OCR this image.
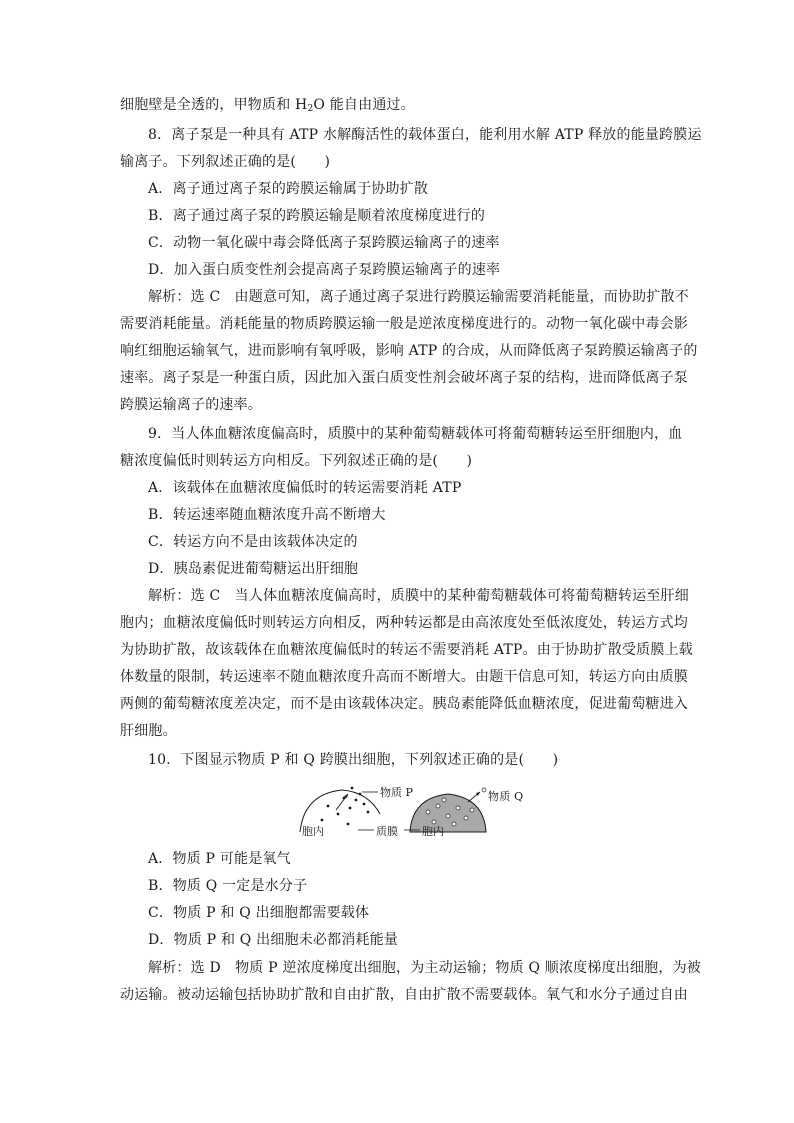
细胞壁是全透的，甲物质和 $H_2O$ 能自由通过。
8．离子泵是一种具有 ATP 水解酶活性的载体蛋白，能利用水解 ATP 释放的能量跨膜运
输离子。下列叙述正确的是(　　)
A．离子通过离子泵的跨膜运输属于协助扩散
B．离子通过离子泵的跨膜运输是顺着浓度梯度进行的
C．动物一氧化碳中毒会降低离子泵跨膜运输离子的速率
D．加入蛋白质变性剂会提高离子泵跨膜运输离子的速率
解析：选 C　由题意可知，离子通过离子泵进行跨膜运输需要消耗能量，而协助扩散不
需要消耗能量。消耗能量的物质跨膜运输一般是逆浓度梯度进行的。动物一氧化碳中毒会影
响红细胞运输氧气，进而影响有氧呼吸，影响 ATP 的合成，从而降低离子泵跨膜运输离子的
速率。离子泵是一种蛋白质，因此加入蛋白质变性剂会破坏离子泵的结构，进而降低离子泵
跨膜运输离子的速率。
9．当人体血糖浓度偏高时，质膜中的某种葡萄糖载体可将葡萄糖转运至肝细胞内，血
糖浓度偏低时则转运方向相反。下列叙述正确的是(　　)
A．该载体在血糖浓度偏低时的转运需要消耗 ATP
B．转运速率随血糖浓度升高不断增大
C．转运方向不是由该载体决定的
D．胰岛素促进葡萄糖运出肝细胞
解析：选 C　当人体血糖浓度偏高时，质膜中的某种葡萄糖载体可将葡萄糖转运至肝细
胞内；血糖浓度偏低时则转运方向相反，两种转运都是由高浓度处至低浓度处，转运方式均
为协助扩散，故该载体在血糖浓度偏低时的转运不需要消耗 ATP。由于协助扩散受质膜上载
体数量的限制，转运速率不随血糖浓度升高而不断增大。由题干信息可知，转运方向由质膜
两侧的葡萄糖浓度差决定，而不是由该载体决定。胰岛素能降低血糖浓度，促进葡萄糖进入
肝细胞。
10．下图显示物质 P 和 Q 跨膜出细胞，下列叙述正确的是(　　)
物质 P
胞内	质膜 胞内
物质 Q
A．物质 P 可能是氧气
B．物质 Q 一定是水分子
C．物质 P 和 Q 出细胞都需要载体
D．物质 P 和 Q 出细胞未必都消耗能量
解析：选 D　物质 P 逆浓度梯度出细胞，为主动运输；物质 Q 顺浓度梯度出细胞，为被
动运输。被动运输包括协助扩散和自由扩散，自由扩散不需要载体。氧气和水分子通过自由
